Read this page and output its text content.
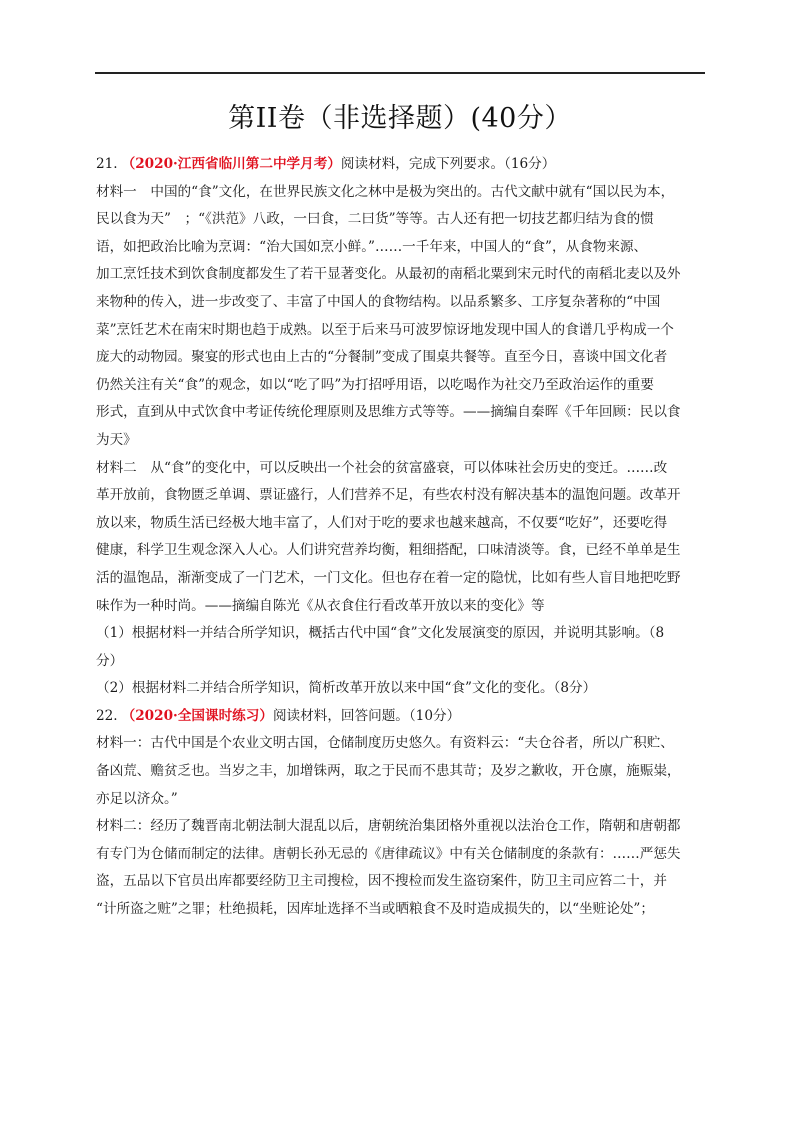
第II卷（非选择题）(40分）
21. （2020·江西省临川第二中学月考）阅读材料，完成下列要求。（16分）
材料一　中国的“食”文化，在世界民族文化之林中是极为突出的。古代文献中就有“国以民为本，
民以食为天”　；“《洪范》八政，一曰食，二曰货”等等。古人还有把一切技艺都归结为食的惯
语，如把政治比喻为烹调：“治大国如烹小鲜。”……一千年来，中国人的“食”，从食物来源、
加工烹饪技术到饮食制度都发生了若干显著变化。从最初的南稻北粟到宋元时代的南稻北麦以及外
来物种的传入，进一步改变了、丰富了中国人的食物结构。以品系繁多、工序复杂著称的“中国
菜”烹饪艺术在南宋时期也趋于成熟。以至于后来马可波罗惊讶地发现中国人的食谱几乎构成一个
庞大的动物园。聚宴的形式也由上古的“分餐制”变成了围桌共餐等。直至今日，喜谈中国文化者
仍然关注有关“食”的观念，如以“吃了吗”为打招呼用语，以吃喝作为社交乃至政治运作的重要
形式，直到从中式饮食中考证传统伦理原则及思维方式等等。——摘编自秦晖《千年回顾：民以食
为天》
材料二　从“食”的变化中，可以反映出一个社会的贫富盛衰，可以体味社会历史的变迁。……改
革开放前，食物匮乏单调、票证盛行，人们营养不足，有些农村没有解决基本的温饱问题。改革开
放以来，物质生活已经极大地丰富了，人们对于吃的要求也越来越高，不仅要“吃好”，还要吃得
健康，科学卫生观念深入人心。人们讲究营养均衡，粗细搭配，口味清淡等。食，已经不单单是生
活的温饱品，渐渐变成了一门艺术，一门文化。但也存在着一定的隐忧，比如有些人盲目地把吃野
味作为一种时尚。——摘编自陈光《从衣食住行看改革开放以来的变化》等
（1）根据材料一并结合所学知识，概括古代中国“食”文化发展演变的原因，并说明其影响。（8
分）
（2）根据材料二并结合所学知识，简析改革开放以来中国“食”文化的变化。（8分）
22. （2020·全国课时练习）阅读材料，回答问题。（10分）
材料一：古代中国是个农业文明古国，仓储制度历史悠久。有资料云：“夫仓谷者，所以广积贮、
备凶荒、赡贫乏也。当岁之丰，加增铢两，取之于民而不患其苛；及岁之歉收，开仓廪，施赈粜，
亦足以济众。”
材料二：经历了魏晋南北朝法制大混乱以后，唐朝统治集团格外重视以法治仓工作，隋朝和唐朝都
有专门为仓储而制定的法律。唐朝长孙无忌的《唐律疏议》中有关仓储制度的条款有：……严惩失
盗，五品以下官员出库都要经防卫主司搜检，因不搜检而发生盗窃案件，防卫主司应笞二十，并
“计所盗之赃”之罪；杜绝损耗，因库址选择不当或晒粮食不及时造成损失的，以“坐赃论处”；
